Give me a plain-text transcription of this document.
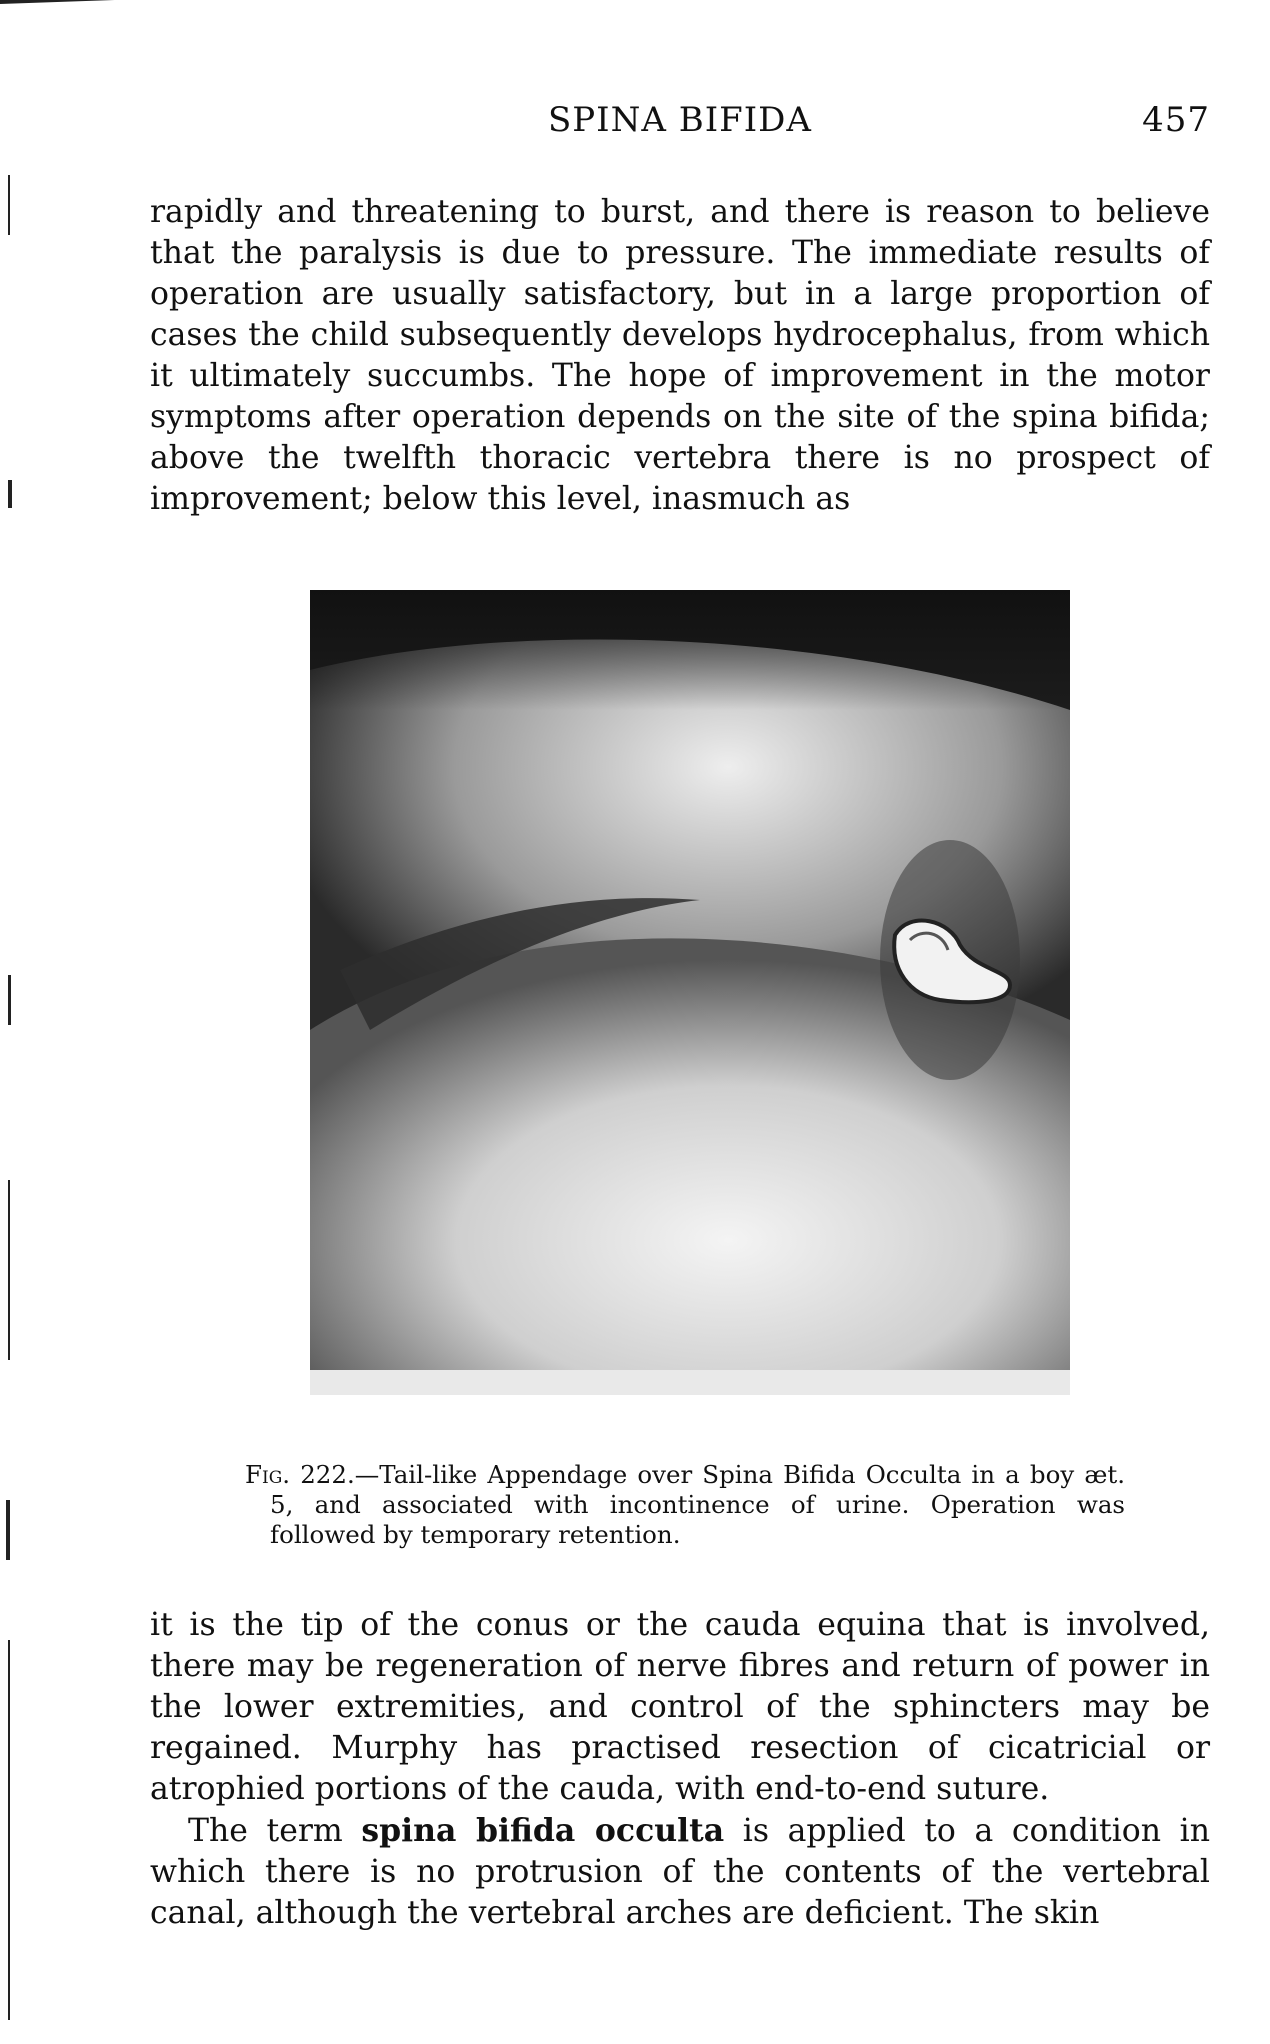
SPINA BIFIDA	457

rapidly and threatening to burst, and there is reason to believe that the paralysis is due to pressure. The immediate results of operation are usually satisfactory, but in a large proportion of cases the child subsequently develops hydrocephalus, from which it ultimately succumbs. The hope of improvement in the motor symptoms after operation depends on the site of the spina bifida; above the twelfth thoracic vertebra there is no prospect of improvement; below this level, inasmuch as

Fig. 222.—Tail-like Appendage over Spina Bifida Occulta in a boy æt. 5, and associated with incontinence of urine. Operation was followed by temporary retention.

it is the tip of the conus or the cauda equina that is involved, there may be regeneration of nerve fibres and return of power in the lower extremities, and control of the sphincters may be regained. Murphy has practised resection of cicatricial or atrophied portions of the cauda, with end-to-end suture.

The term spina bifida occulta is applied to a condition in which there is no protrusion of the contents of the vertebral canal, although the vertebral arches are deficient. The skin
